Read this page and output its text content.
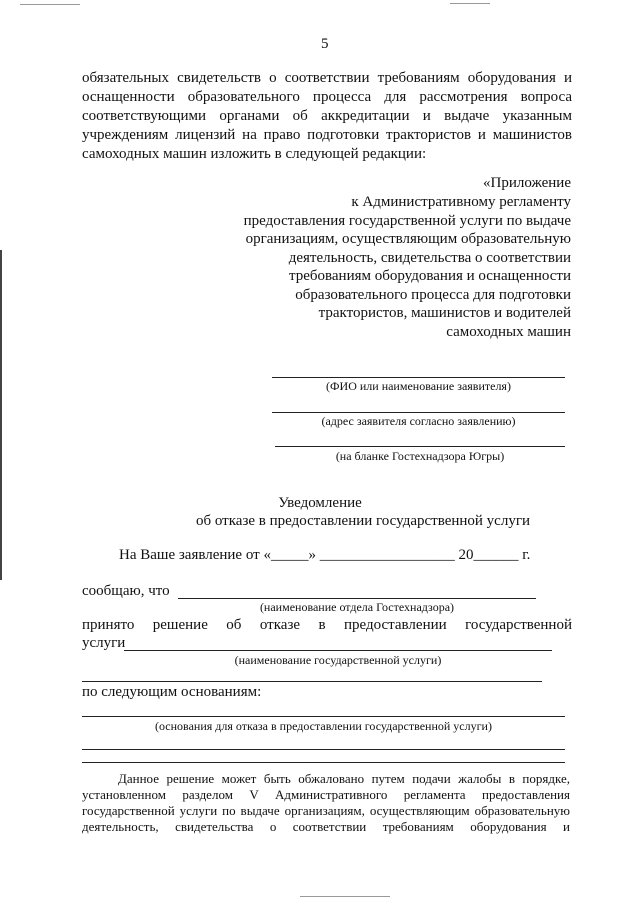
5
обязательных свидетельств о соответствии требованиям оборудования и
оснащенности образовательного процесса для рассмотрения вопроса
соответствующими органами об аккредитации и выдаче указанным
учреждениям лицензий на право подготовки трактористов и машинистов
самоходных машин изложить в следующей редакции:
«Приложение
к Административному регламенту
предоставления государственной услуги по выдаче
организациям, осуществляющим образовательную
деятельность, свидетельства о соответствии
требованиям оборудования и оснащенности
образовательного процесса для подготовки
трактористов, машинистов и водителей
самоходных машин
(ФИО или наименование заявителя)
(адрес заявителя согласно заявлению)
(на бланке Гостехнадзора Югры)
Уведомление
об отказе в предоставлении государственной услуги
На Ваше заявление от «_____» __________________ 20______ г.
сообщаю, что
(наименование отдела Гостехнадзора)
принято решение об отказе в предоставлении государственной
услуги
(наименование государственной услуги)
по следующим основаниям:
(основания для отказа в предоставлении государственной услуги)
Данное решение может быть обжаловано путем подачи жалобы в порядке,
установленном разделом V Административного регламента предоставления
государственной услуги по выдаче организациям, осуществляющим образовательную
деятельность, свидетельства о соответствии требованиям оборудования и
